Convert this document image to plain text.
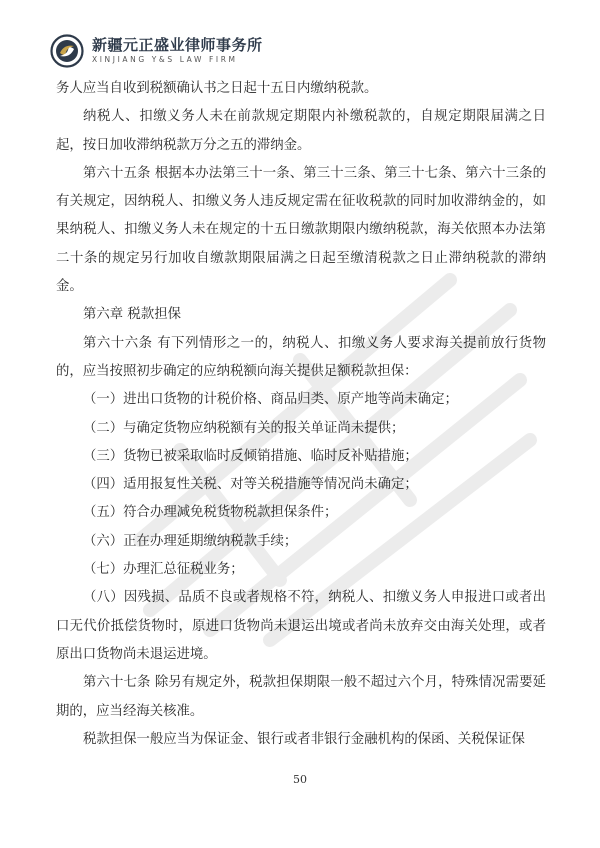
新疆元正盛业律师事务所
XINJIANG Y&S LAW FIRM

务人应当自收到税额确认书之日起十五日内缴纳税款。

纳税人、扣缴义务人未在前款规定期限内补缴税款的，自规定期限届满之日起，按日加收滞纳税款万分之五的滞纳金。

第六十五条 根据本办法第三十一条、第三十三条、第三十七条、第六十三条的有关规定，因纳税人、扣缴义务人违反规定需在征收税款的同时加收滞纳金的，如果纳税人、扣缴义务人未在规定的十五日缴款期限内缴纳税款，海关依照本办法第二十条的规定另行加收自缴款期限届满之日起至缴清税款之日止滞纳税款的滞纳金。

第六章 税款担保

第六十六条 有下列情形之一的，纳税人、扣缴义务人要求海关提前放行货物的，应当按照初步确定的应纳税额向海关提供足额税款担保：

（一）进出口货物的计税价格、商品归类、原产地等尚未确定；

（二）与确定货物应纳税额有关的报关单证尚未提供；

（三）货物已被采取临时反倾销措施、临时反补贴措施；

（四）适用报复性关税、对等关税措施等情况尚未确定；

（五）符合办理减免税货物税款担保条件；

（六）正在办理延期缴纳税款手续；

（七）办理汇总征税业务；

（八）因残损、品质不良或者规格不符，纳税人、扣缴义务人申报进口或者出口无代价抵偿货物时，原进口货物尚未退运出境或者尚未放弃交由海关处理，或者原出口货物尚未退运进境。

第六十七条 除另有规定外，税款担保期限一般不超过六个月，特殊情况需要延期的，应当经海关核准。

税款担保一般应当为保证金、银行或者非银行金融机构的保函、关税保证保

50
